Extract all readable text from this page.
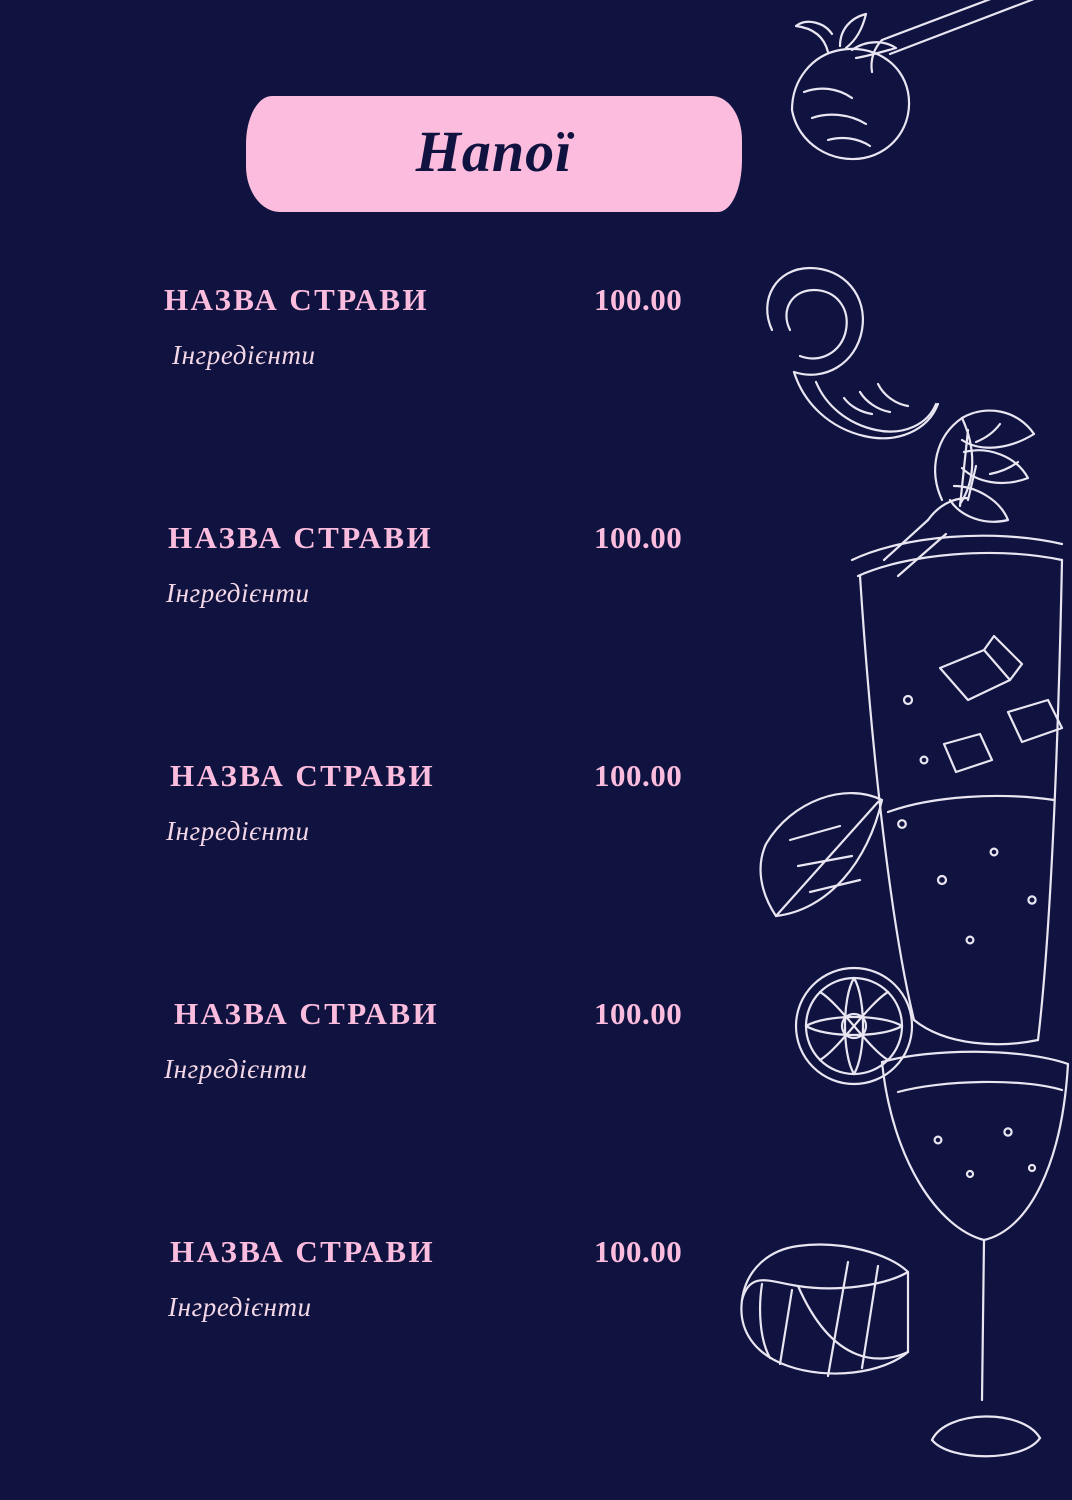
Напої
НАЗВА СТРАВИ	100.00
Інгредієнти
НАЗВА СТРАВИ	100.00
Інгредієнти
НАЗВА СТРАВИ	100.00
Інгредієнти
НАЗВА СТРАВИ	100.00
Інгредієнти
НАЗВА СТРАВИ	100.00
Інгредієнти
